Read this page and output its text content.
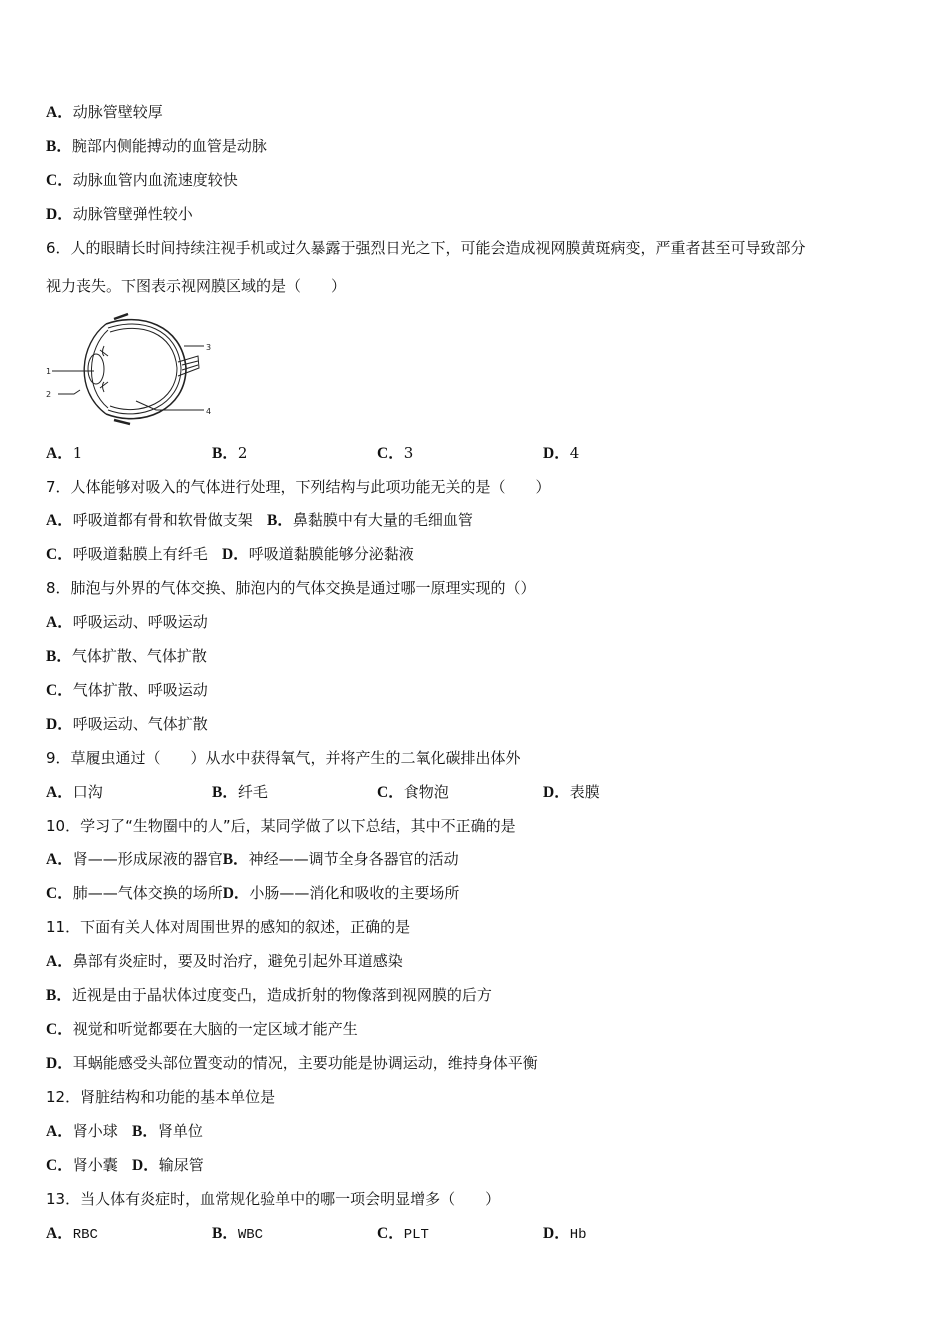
A．动脉管壁较厚
B．腕部内侧能搏动的血管是动脉
C．动脉血管内血流速度较快
D．动脉管壁弹性较小
6．人的眼睛长时间持续注视手机或过久暴露于强烈日光之下，可能会造成视网膜黄斑病变，严重者甚至可导致部分
视力丧失。下图表示视网膜区域的是（　　）
1
2
3
4
A．1	B．2	C．3	D．4
7．人体能够对吸入的气体进行处理，下列结构与此项功能无关的是（　　）
A．呼吸道都有骨和软骨做支架 B．鼻黏膜中有大量的毛细血管
C．呼吸道黏膜上有纤毛 D．呼吸道黏膜能够分泌黏液
8．肺泡与外界的气体交换、肺泡内的气体交换是通过哪一原理实现的（）
A．呼吸运动、呼吸运动
B．气体扩散、气体扩散
C．气体扩散、呼吸运动
D．呼吸运动、气体扩散
9．草履虫通过（　　）从水中获得氧气，并将产生的二氧化碳排出体外
A．口沟	B．纤毛	C．食物泡	D．表膜
10．学习了“生物圈中的人”后，某同学做了以下总结，其中不正确的是
A．肾——形成尿液的器官B．神经——调节全身各器官的活动
C．肺——气体交换的场所D．小肠——消化和吸收的主要场所
11．下面有关人体对周围世界的感知的叙述，正确的是
A．鼻部有炎症时，要及时治疗，避免引起外耳道感染
B．近视是由于晶状体过度变凸，造成折射的物像落到视网膜的后方
C．视觉和听觉都要在大脑的一定区域才能产生
D．耳蜗能感受头部位置变动的情况，主要功能是协调运动，维持身体平衡
12．肾脏结构和功能的基本单位是
A．肾小球 B．肾单位
C．肾小囊 D．输尿管
13．当人体有炎症时，血常规化验单中的哪一项会明显增多（　　）
A．RBC	B．WBC	C．PLT	D．Hb
